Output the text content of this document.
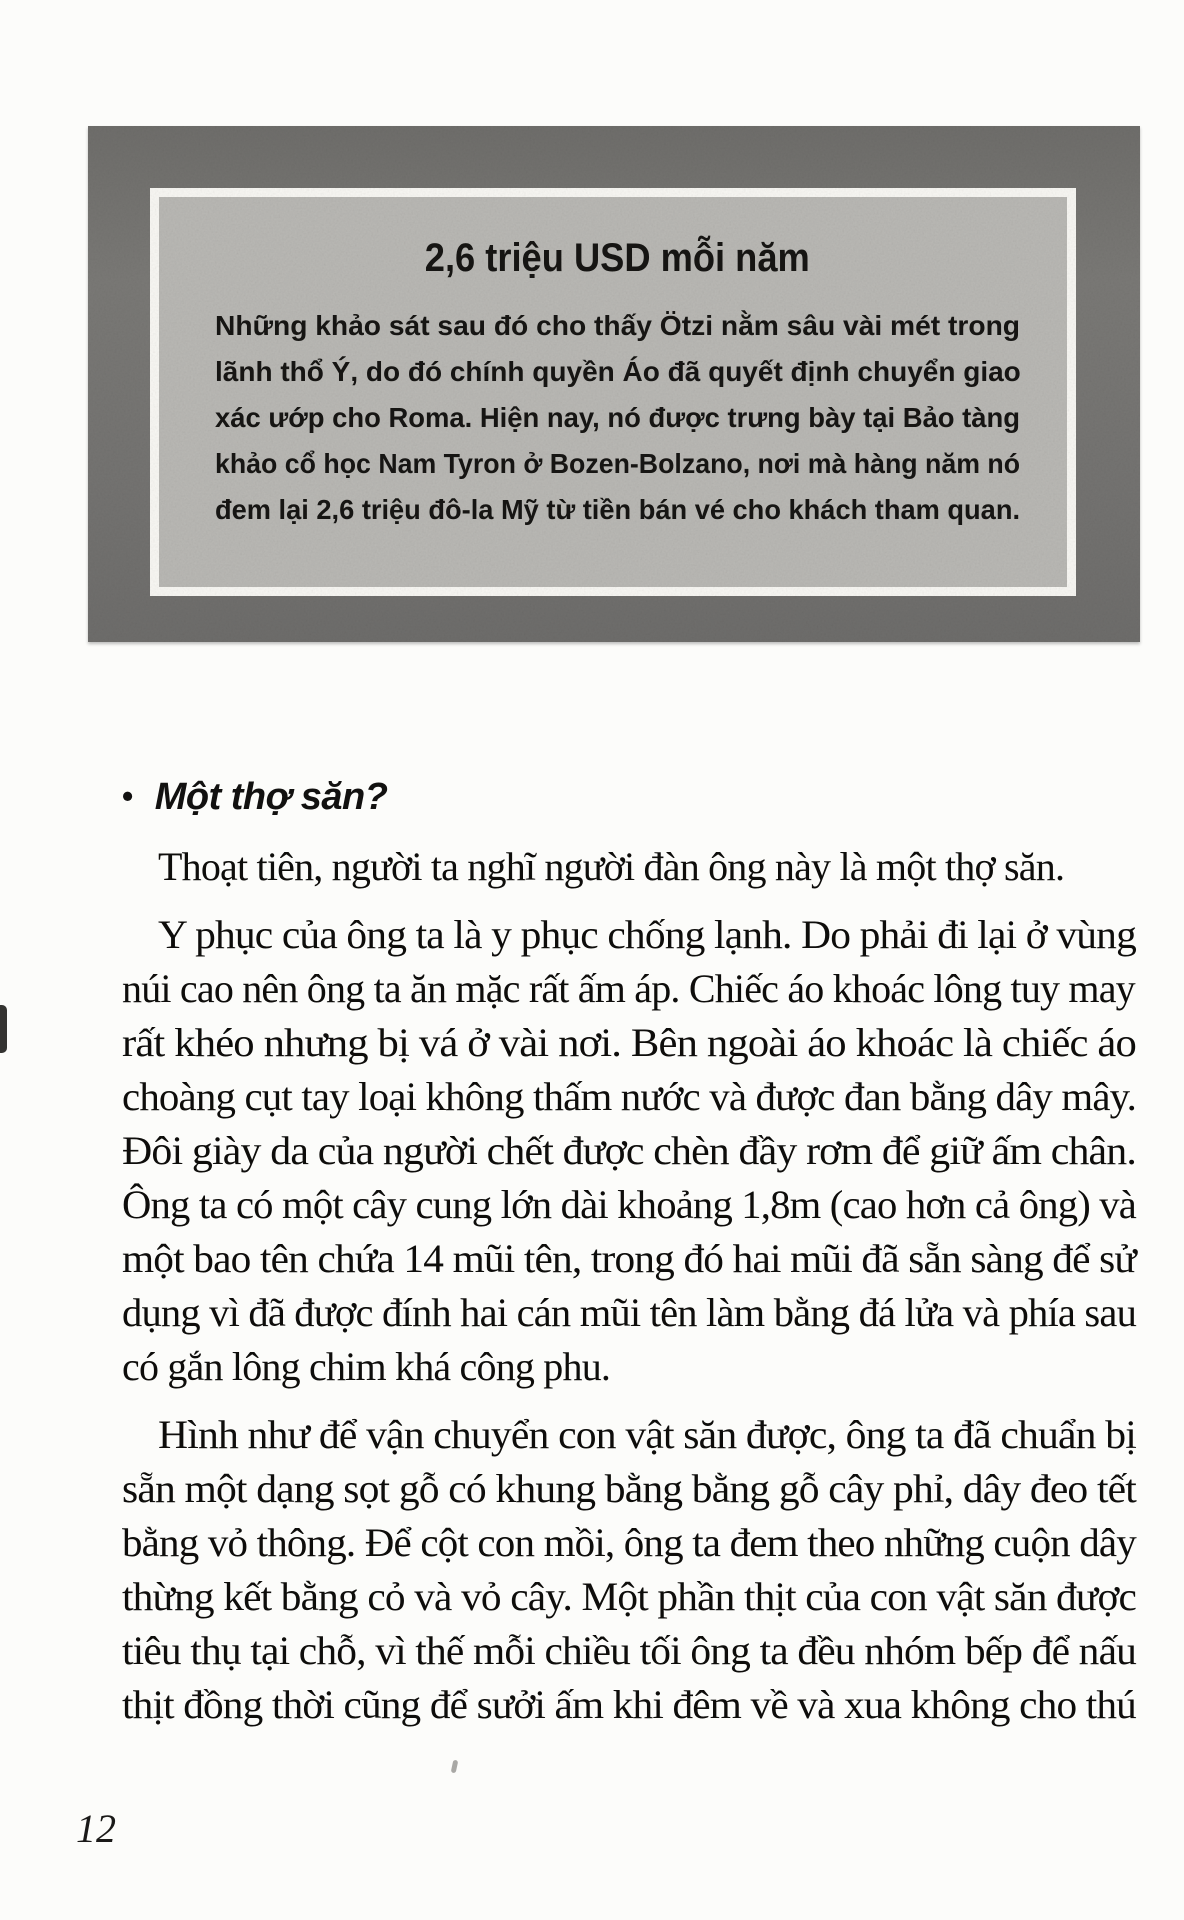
2,6 triệu USD mỗi năm
Những khảo sát sau đó cho thấy Ötzi nằm sâu vài mét trong
lãnh thổ Ý, do đó chính quyền Áo đã quyết định chuyển giao
xác ướp cho Roma. Hiện nay, nó được trưng bày tại Bảo tàng
khảo cổ học Nam Tyron ở Bozen-Bolzano, nơi mà hàng năm nó
đem lại 2,6 triệu đô-la Mỹ từ tiền bán vé cho khách tham quan.
• Một thợ săn?
Thoạt tiên, người ta nghĩ người đàn ông này là một thợ săn.
Y phục của ông ta là y phục chống lạnh. Do phải đi lại ở vùng
núi cao nên ông ta ăn mặc rất ấm áp. Chiếc áo khoác lông tuy may
rất khéo nhưng bị vá ở vài nơi. Bên ngoài áo khoác là chiếc áo
choàng cụt tay loại không thấm nước và được đan bằng dây mây.
Đôi giày da của người chết được chèn đầy rơm để giữ ấm chân.
Ông ta có một cây cung lớn dài khoảng 1,8m (cao hơn cả ông) và
một bao tên chứa 14 mũi tên, trong đó hai mũi đã sẵn sàng để sử
dụng vì đã được đính hai cán mũi tên làm bằng đá lửa và phía sau
có gắn lông chim khá công phu.
Hình như để vận chuyển con vật săn được, ông ta đã chuẩn bị
sẵn một dạng sọt gỗ có khung bằng bằng gỗ cây phỉ, dây đeo tết
bằng vỏ thông. Để cột con mồi, ông ta đem theo những cuộn dây
thừng kết bằng cỏ và vỏ cây. Một phần thịt của con vật săn được
tiêu thụ tại chỗ, vì thế mỗi chiều tối ông ta đều nhóm bếp để nấu
thịt đồng thời cũng để sưởi ấm khi đêm về và xua không cho thú
12
